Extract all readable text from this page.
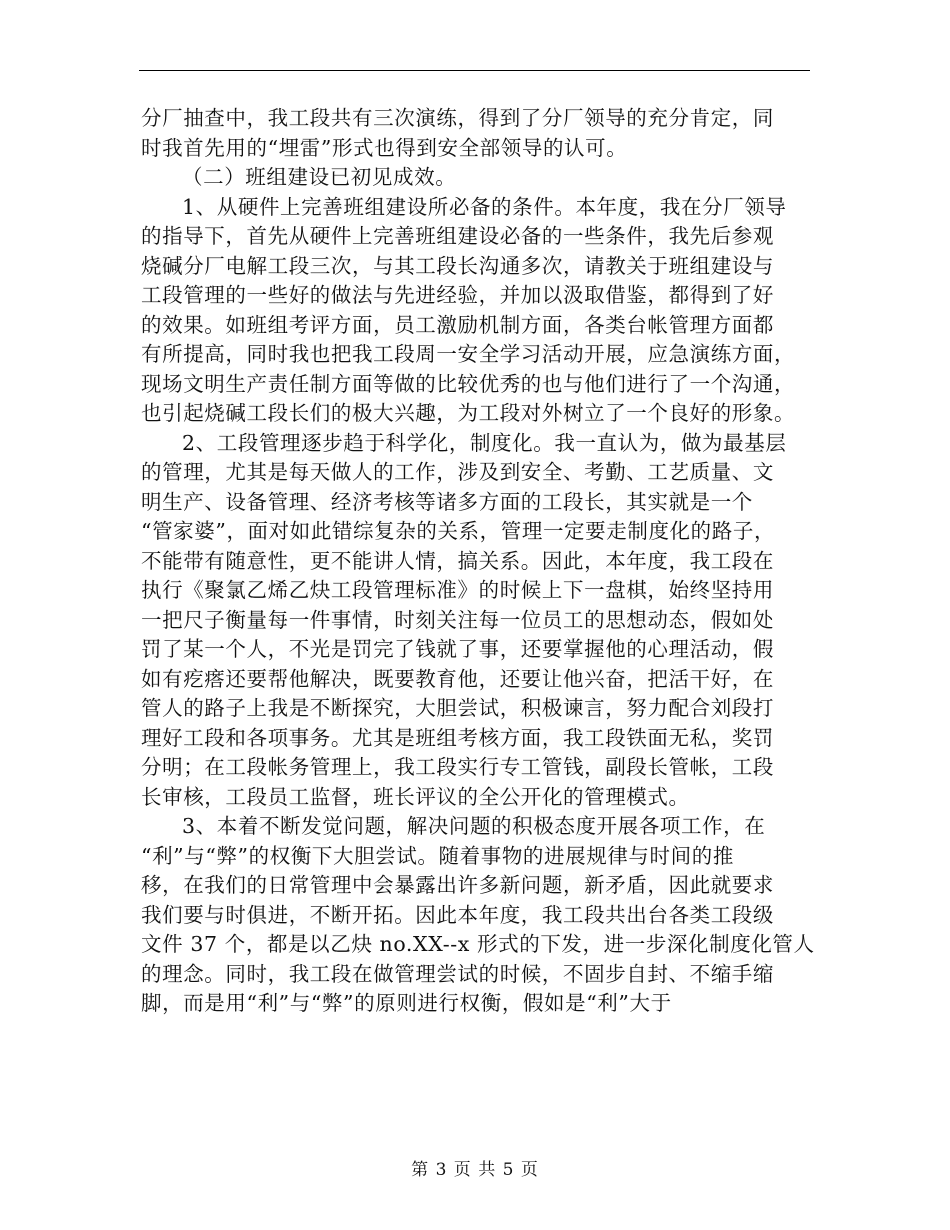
分厂抽查中，我工段共有三次演练，得到了分厂领导的充分肯定，同
时我首先用的“埋雷”形式也得到安全部领导的认可。
（二）班组建设已初见成效。
1、从硬件上完善班组建设所必备的条件。本年度，我在分厂领导
的指导下，首先从硬件上完善班组建设必备的一些条件，我先后参观
烧碱分厂电解工段三次，与其工段长沟通多次，请教关于班组建设与
工段管理的一些好的做法与先进经验，并加以汲取借鉴，都得到了好
的效果。如班组考评方面，员工激励机制方面，各类台帐管理方面都
有所提高，同时我也把我工段周一安全学习活动开展，应急演练方面，
现场文明生产责任制方面等做的比较优秀的也与他们进行了一个沟通，
也引起烧碱工段长们的极大兴趣，为工段对外树立了一个良好的形象。
2、工段管理逐步趋于科学化，制度化。我一直认为，做为最基层
的管理，尤其是每天做人的工作，涉及到安全、考勤、工艺质量、文
明生产、设备管理、经济考核等诸多方面的工段长，其实就是一个
“管家婆”，面对如此错综复杂的关系，管理一定要走制度化的路子，
不能带有随意性，更不能讲人情，搞关系。因此，本年度，我工段在
执行《聚氯乙烯乙炔工段管理标准》的时候上下一盘棋，始终坚持用
一把尺子衡量每一件事情，时刻关注每一位员工的思想动态，假如处
罚了某一个人，不光是罚完了钱就了事，还要掌握他的心理活动，假
如有疙瘩还要帮他解决，既要教育他，还要让他兴奋，把活干好，在
管人的路子上我是不断探究，大胆尝试，积极谏言，努力配合刘段打
理好工段和各项事务。尤其是班组考核方面，我工段铁面无私，奖罚
分明；在工段帐务管理上，我工段实行专工管钱，副段长管帐，工段
长审核，工段员工监督，班长评议的全公开化的管理模式。
3、本着不断发觉问题，解决问题的积极态度开展各项工作，在
“利”与“弊”的权衡下大胆尝试。随着事物的进展规律与时间的推
移，在我们的日常管理中会暴露出许多新问题，新矛盾，因此就要求
我们要与时俱进，不断开拓。因此本年度，我工段共出台各类工段级
文件 37 个，都是以乙炔 no.XX--x 形式的下发，进一步深化制度化管人
的理念。同时，我工段在做管理尝试的时候，不固步自封、不缩手缩
脚，而是用“利”与“弊”的原则进行权衡，假如是“利”大于
第 3 页 共 5 页
